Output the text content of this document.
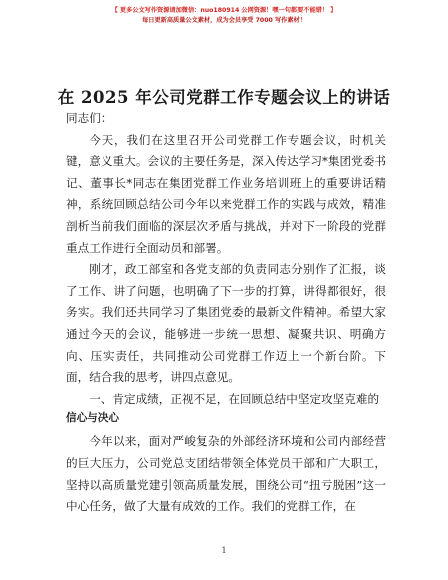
【 更多公文写作资源请加微信：nuo180914 公网资源！嘿一句都要不能错！ 】
每日更新高质量公文素材，成为会员享受 7000 写作素材！
在 2025 年公司党群工作专题会议上的讲话

同志们：

今天，我们在这里召开公司党群工作专题会议，时机关键，意义重大。会议的主要任务是，深入传达学习*集团党委书记、董事长*同志在集团党群工作业务培训班上的重要讲话精神，系统回顾总结公司今年以来党群工作的实践与成效，精准剖析当前我们面临的深层次矛盾与挑战，并对下一阶段的党群重点工作进行全面动员和部署。

刚才，政工部室和各党支部的负责同志分别作了汇报，谈了工作、讲了问题，也明确了下一步的打算，讲得都很好，很务实。我们还共同学习了集团党委的最新文件精神。希望大家通过今天的会议，能够进一步统一思想、凝聚共识、明确方向、压实责任，共同推动公司党群工作迈上一个新台阶。下面，结合我的思考，讲四点意见。

一、肯定成绩，正视不足，在回顾总结中坚定攻坚克难的

信心与决心

今年以来，面对严峻复杂的外部经济环境和公司内部经营的巨大压力，公司党总支团结带领全体党员干部和广大职工，坚持以高质量党建引领高质量发展，围绕公司“扭亏脱困”这一中心任务，做了大量有成效的工作。我们的党群工作，在

1
